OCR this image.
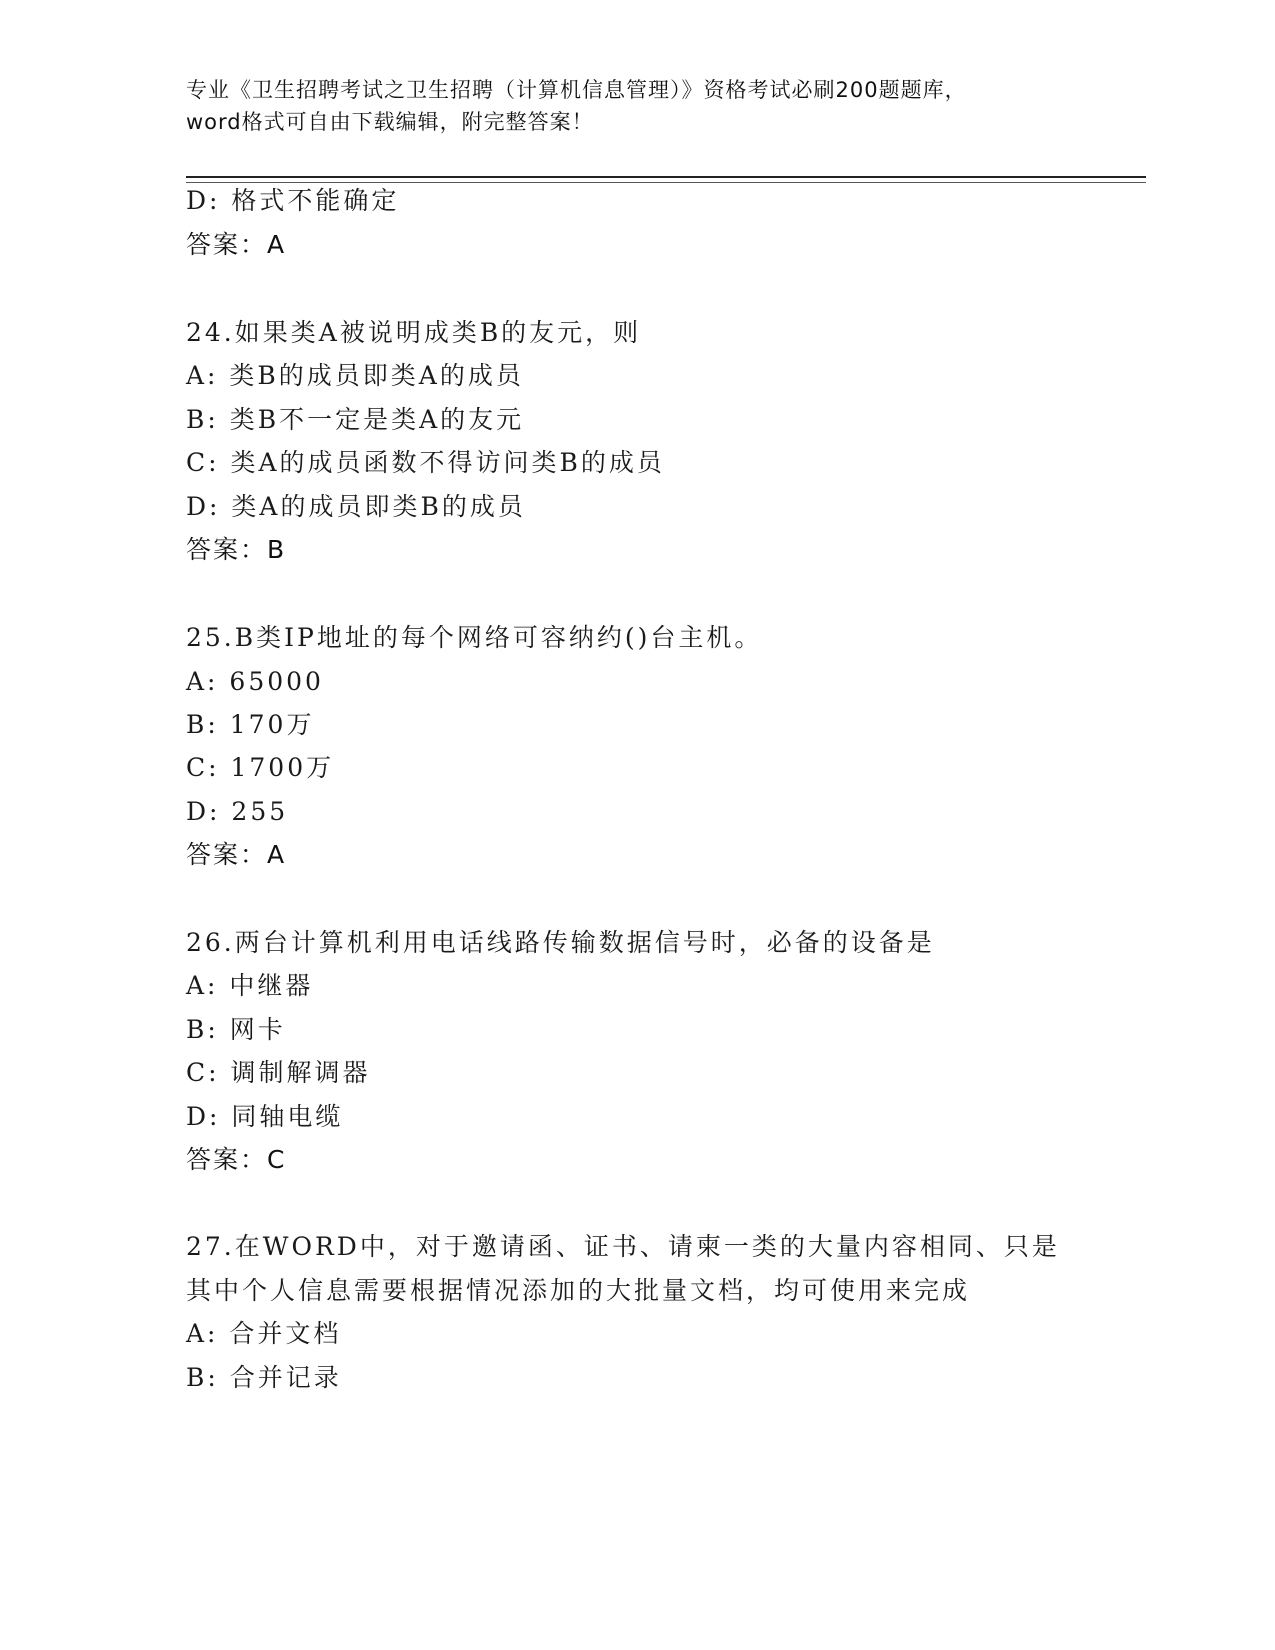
专业《卫生招聘考试之卫生招聘（计算机信息管理）》资格考试必刷200题题库，
word格式可自由下载编辑，附完整答案！
D: 格式不能确定
答案：A
24.如果类A被说明成类B的友元，则
A: 类B的成员即类A的成员
B: 类B不一定是类A的友元
C: 类A的成员函数不得访问类B的成员
D: 类A的成员即类B的成员
答案：B
25.B类IP地址的每个网络可容纳约()台主机。
A: 65000
B: 170万
C: 1700万
D: 255
答案：A
26.两台计算机利用电话线路传输数据信号时，必备的设备是
A: 中继器
B: 网卡
C: 调制解调器
D: 同轴电缆
答案：C
27.在WORD中，对于邀请函、证书、请柬一类的大量内容相同、只是
其中个人信息需要根据情况添加的大批量文档，均可使用来完成
A: 合并文档
B: 合并记录
